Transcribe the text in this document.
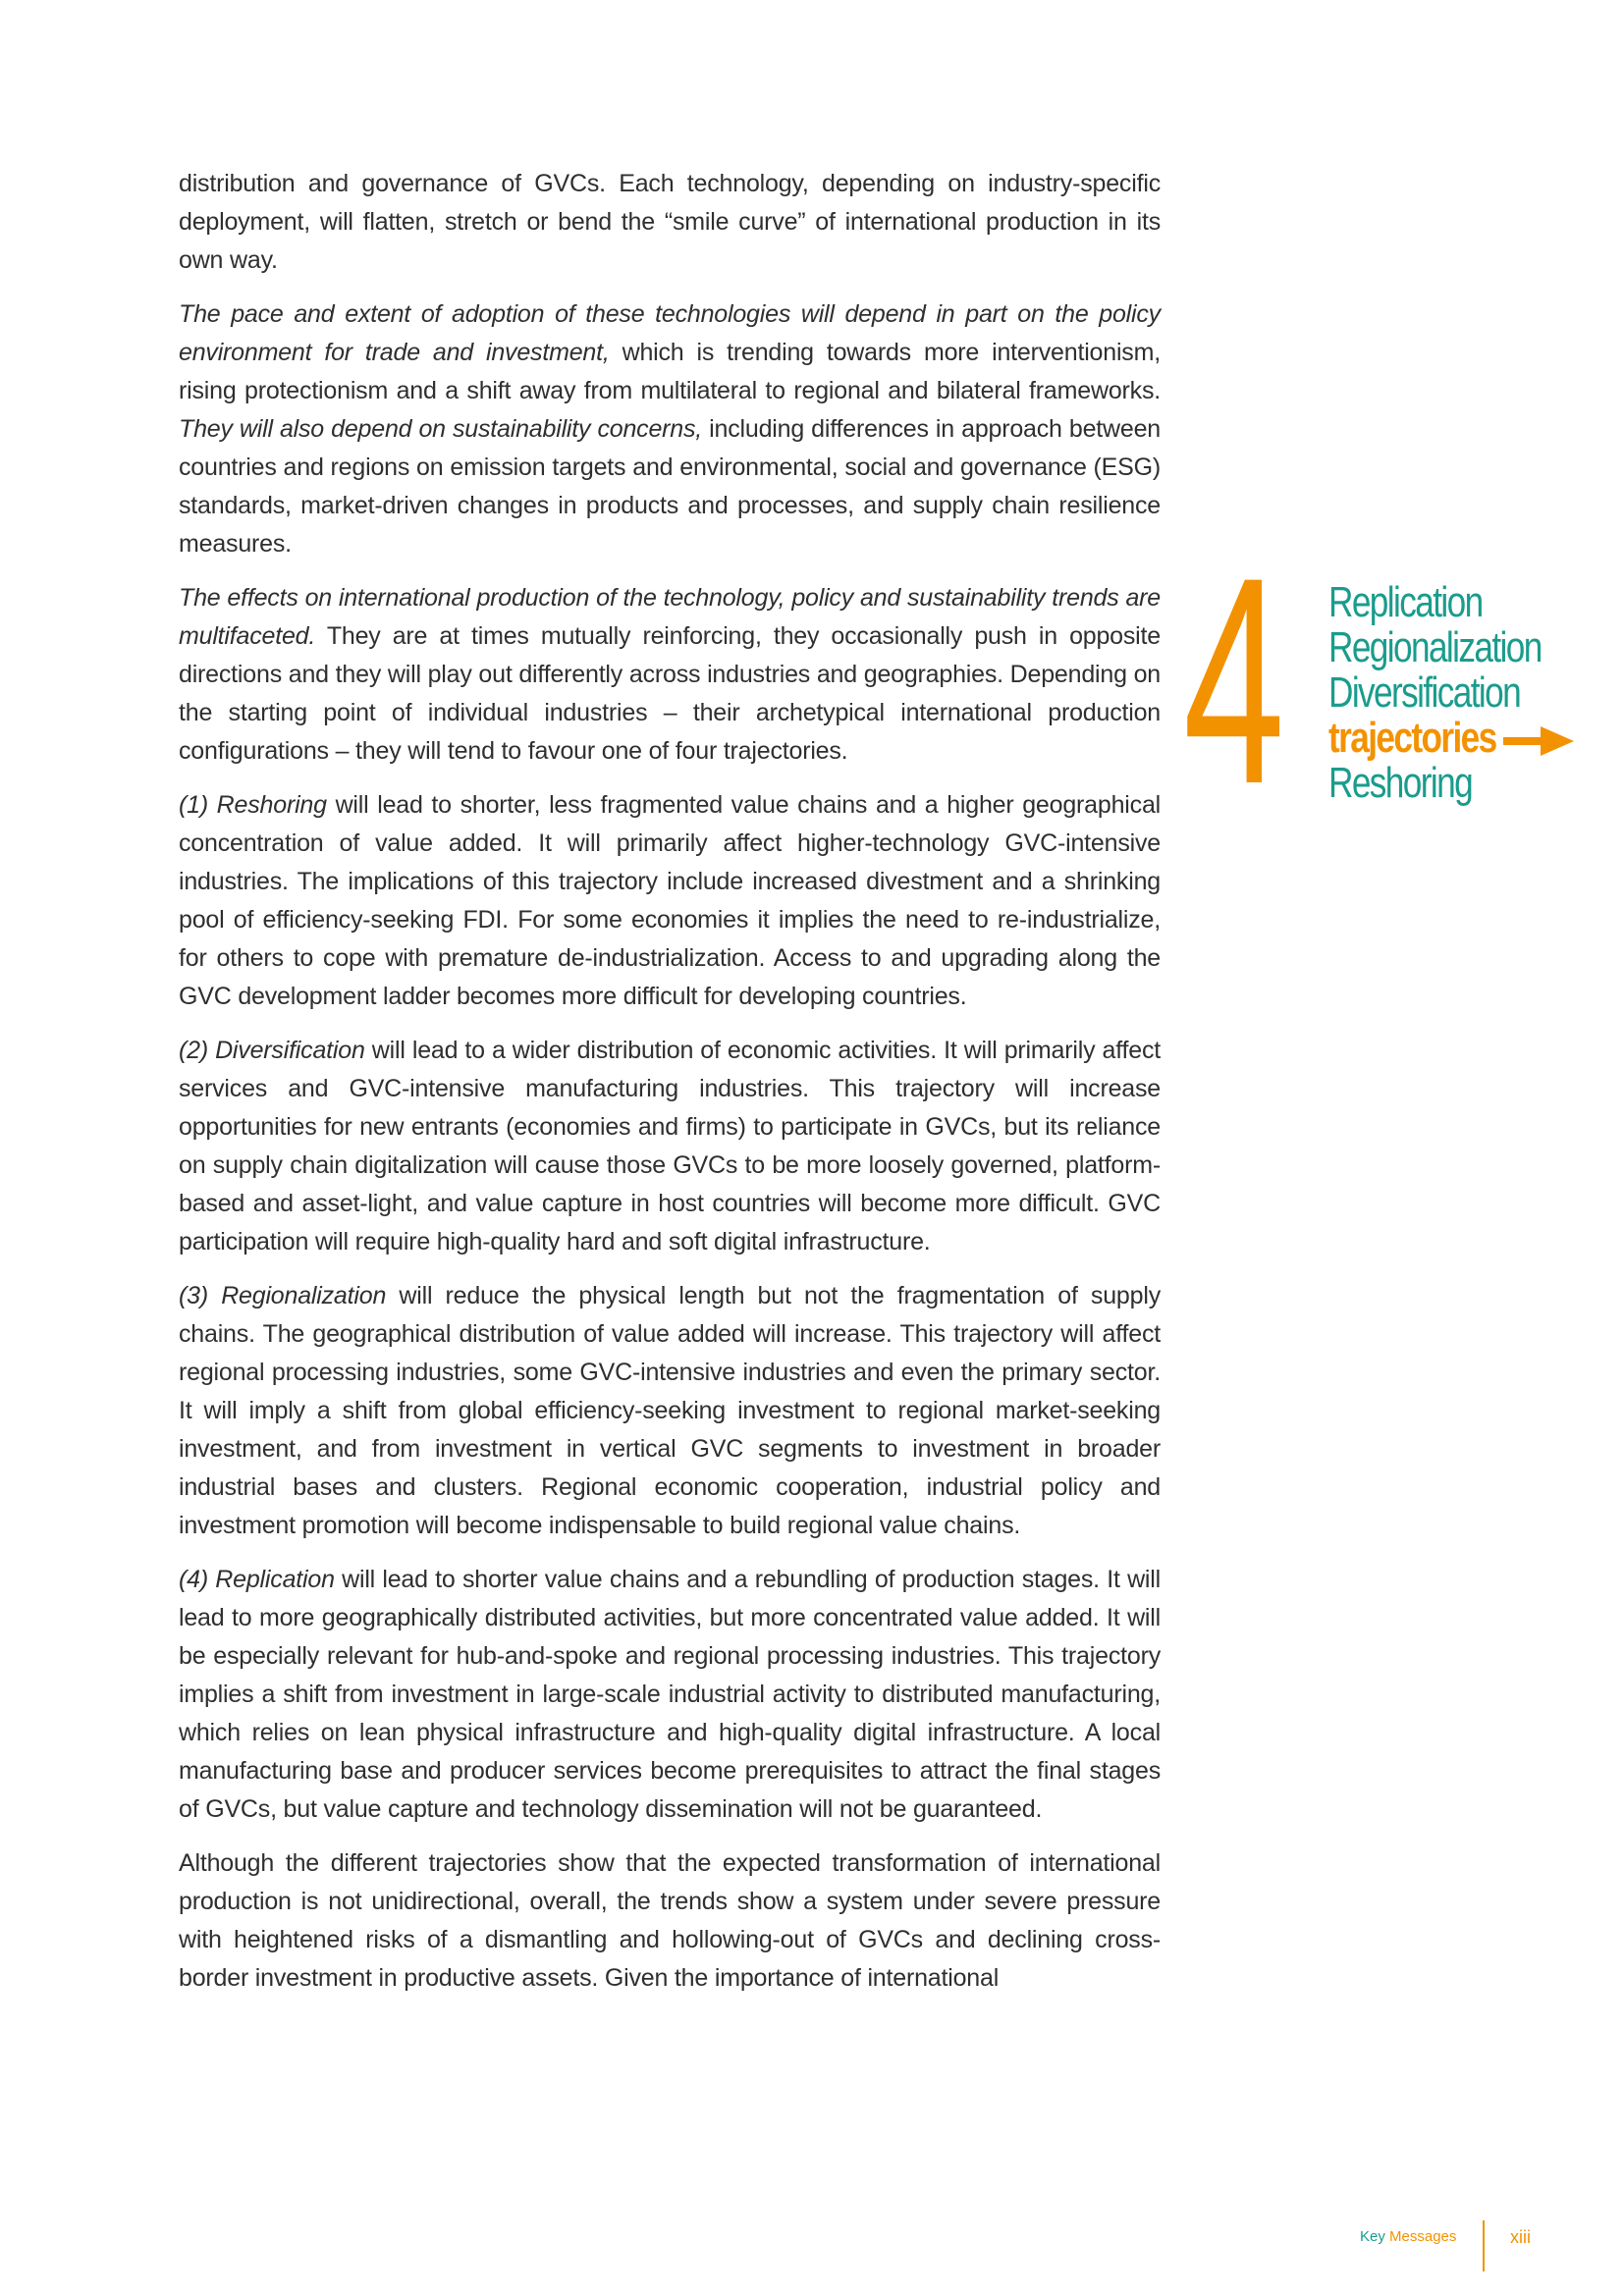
distribution and governance of GVCs. Each technology, depending on industry-specific deployment, will flatten, stretch or bend the “smile curve” of international production in its own way.

The pace and extent of adoption of these technologies will depend in part on the policy environment for trade and investment, which is trending towards more interventionism, rising protectionism and a shift away from multilateral to regional and bilateral frameworks. They will also depend on sustainability concerns, including differences in approach between countries and regions on emission targets and environmental, social and governance (ESG) standards, market-driven changes in products and processes, and supply chain resilience measures.

The effects on international production of the technology, policy and sustainability trends are multifaceted. They are at times mutually reinforcing, they occasionally push in opposite directions and they will play out differently across industries and geographies. Depending on the starting point of individual industries – their archetypical international production configurations – they will tend to favour one of four trajectories.

(1) Reshoring will lead to shorter, less fragmented value chains and a higher geographical concentration of value added. It will primarily affect higher-technology GVC-intensive industries. The implications of this trajectory include increased divestment and a shrinking pool of efficiency-seeking FDI. For some economies it implies the need to re-industrialize, for others to cope with premature de-industrialization. Access to and upgrading along the GVC development ladder becomes more difficult for developing countries.

(2) Diversification will lead to a wider distribution of economic activities. It will primarily affect services and GVC-intensive manufacturing industries. This trajectory will increase opportunities for new entrants (economies and firms) to participate in GVCs, but its reliance on supply chain digitalization will cause those GVCs to be more loosely governed, platform-based and asset-light, and value capture in host countries will become more difficult. GVC participation will require high-quality hard and soft digital infrastructure.

(3) Regionalization will reduce the physical length but not the fragmentation of supply chains. The geographical distribution of value added will increase. This trajectory will affect regional processing industries, some GVC-intensive industries and even the primary sector. It will imply a shift from global efficiency-seeking investment to regional market-seeking investment, and from investment in vertical GVC segments to investment in broader industrial bases and clusters. Regional economic cooperation, industrial policy and investment promotion will become indispensable to build regional value chains.

(4) Replication will lead to shorter value chains and a rebundling of production stages. It will lead to more geographically distributed activities, but more concentrated value added. It will be especially relevant for hub-and-spoke and regional processing industries. This trajectory implies a shift from investment in large-scale industrial activity to distributed manufacturing, which relies on lean physical infrastructure and high-quality digital infrastructure. A local manufacturing base and producer services become prerequisites to attract the final stages of GVCs, but value capture and technology dissemination will not be guaranteed.

Although the different trajectories show that the expected transformation of international production is not unidirectional, overall, the trends show a system under severe pressure with heightened risks of a dismantling and hollowing-out of GVCs and declining cross-border investment in productive assets. Given the importance of international

4 Replication
Regionalization
Diversification
trajectories
Reshoring
Key Messages	xiii
